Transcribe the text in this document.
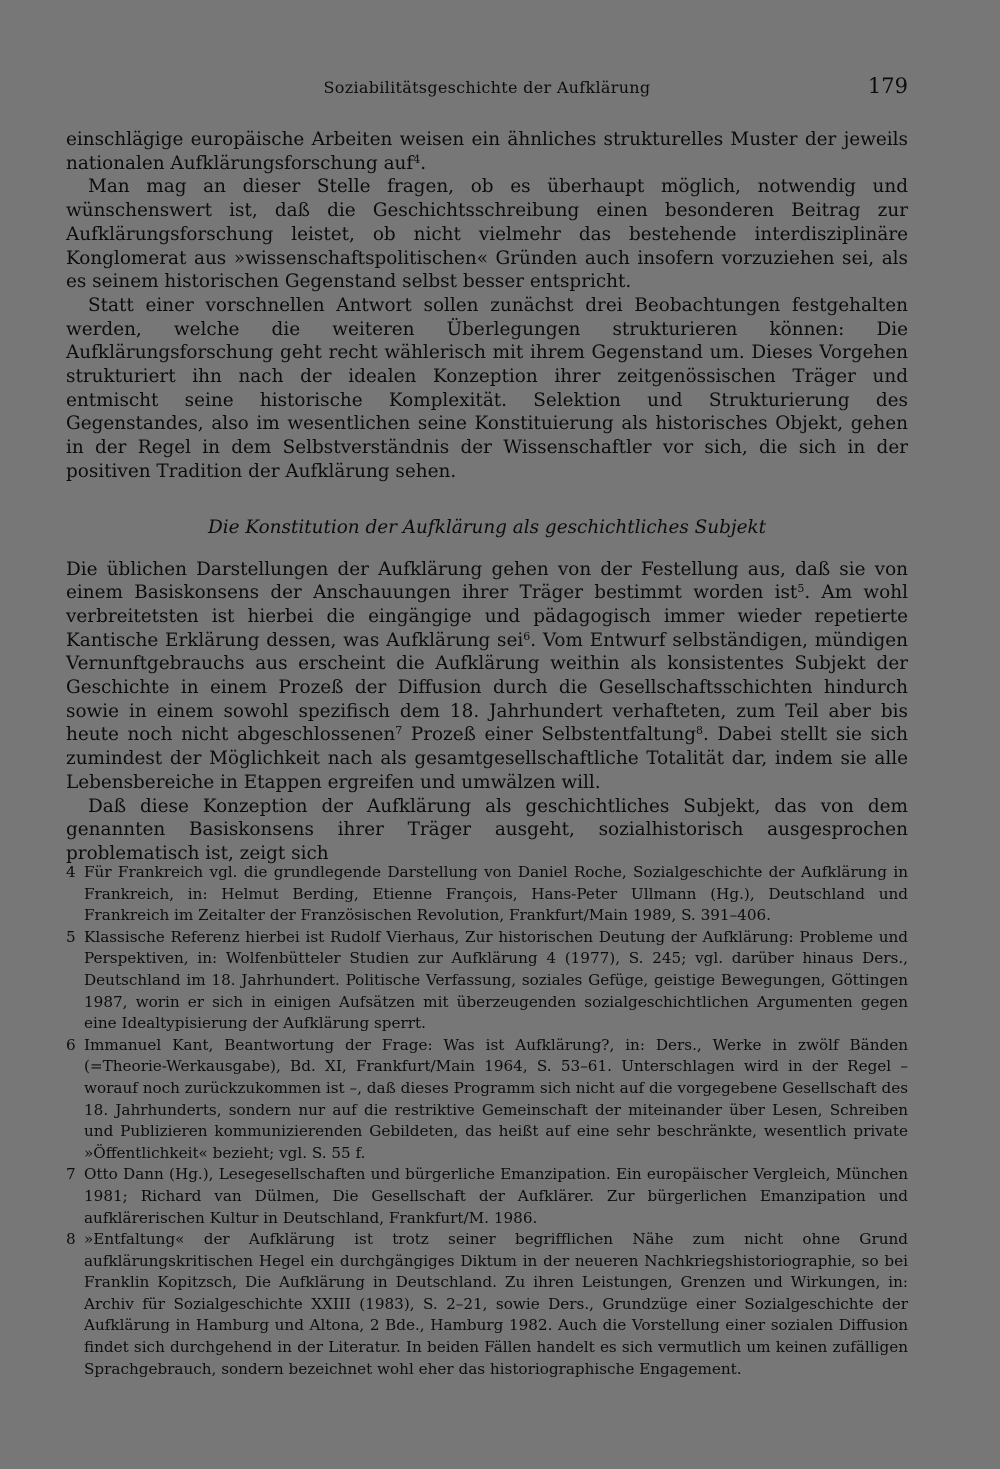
Soziabilitätsgeschichte der Aufklärung	179

einschlägige europäische Arbeiten weisen ein ähnliches strukturelles Muster der jeweils nationalen Aufklärungsforschung auf$^4$.

Man mag an dieser Stelle fragen, ob es überhaupt möglich, notwendig und wünschenswert ist, daß die Geschichtsschreibung einen besonderen Beitrag zur Aufklärungsforschung leistet, ob nicht vielmehr das bestehende interdisziplinäre Konglomerat aus »wissenschaftspolitischen« Gründen auch insofern vorzuziehen sei, als es seinem historischen Gegenstand selbst besser entspricht.

Statt einer vorschnellen Antwort sollen zunächst drei Beobachtungen festgehalten werden, welche die weiteren Überlegungen strukturieren können: Die Aufklärungsforschung geht recht wählerisch mit ihrem Gegenstand um. Dieses Vorgehen strukturiert ihn nach der idealen Konzeption ihrer zeitgenössischen Träger und entmischt seine historische Komplexität. Selektion und Strukturierung des Gegenstandes, also im wesentlichen seine Konstituierung als historisches Objekt, gehen in der Regel in dem Selbstverständnis der Wissenschaftler vor sich, die sich in der positiven Tradition der Aufklärung sehen.

Die Konstitution der Aufklärung als geschichtliches Subjekt

Die üblichen Darstellungen der Aufklärung gehen von der Festellung aus, daß sie von einem Basiskonsens der Anschauungen ihrer Träger bestimmt worden ist$^5$. Am wohl verbreitetsten ist hierbei die eingängige und pädagogisch immer wieder repetierte Kantische Erklärung dessen, was Aufklärung sei$^6$. Vom Entwurf selbständigen, mündigen Vernunftgebrauchs aus erscheint die Aufklärung weithin als konsistentes Subjekt der Geschichte in einem Prozeß der Diffusion durch die Gesellschaftsschichten hindurch sowie in einem sowohl spezifisch dem 18. Jahrhundert verhafteten, zum Teil aber bis heute noch nicht abgeschlossenen$^7$ Prozeß einer Selbstentfaltung$^8$. Dabei stellt sie sich zumindest der Möglichkeit nach als gesamtgesellschaftliche Totalität dar, indem sie alle Lebensbereiche in Etappen ergreifen und umwälzen will.

Daß diese Konzeption der Aufklärung als geschichtliches Subjekt, das von dem genannten Basiskonsens ihrer Träger ausgeht, sozialhistorisch ausgesprochen problematisch ist, zeigt sich

4 Für Frankreich vgl. die grundlegende Darstellung von Daniel Roche, Sozialgeschichte der Aufklärung in Frankreich, in: Helmut Berding, Etienne François, Hans-Peter Ullmann (Hg.), Deutschland und Frankreich im Zeitalter der Französischen Revolution, Frankfurt/Main 1989, S. 391–406.

5 Klassische Referenz hierbei ist Rudolf Vierhaus, Zur historischen Deutung der Aufklärung: Probleme und Perspektiven, in: Wolfenbütteler Studien zur Aufklärung 4 (1977), S. 245; vgl. darüber hinaus Ders., Deutschland im 18. Jahrhundert. Politische Verfassung, soziales Gefüge, geistige Bewegungen, Göttingen 1987, worin er sich in einigen Aufsätzen mit überzeugenden sozialgeschichtlichen Argumenten gegen eine Idealtypisierung der Aufklärung sperrt.

6 Immanuel Kant, Beantwortung der Frage: Was ist Aufklärung?, in: Ders., Werke in zwölf Bänden (=Theorie-Werkausgabe), Bd. XI, Frankfurt/Main 1964, S. 53–61. Unterschlagen wird in der Regel – worauf noch zurückzukommen ist –, daß dieses Programm sich nicht auf die vorgegebene Gesellschaft des 18. Jahrhunderts, sondern nur auf die restriktive Gemeinschaft der miteinander über Lesen, Schreiben und Publizieren kommunizierenden Gebildeten, das heißt auf eine sehr beschränkte, wesentlich private »Öffentlichkeit« bezieht; vgl. S. 55 f.

7 Otto Dann (Hg.), Lesegesellschaften und bürgerliche Emanzipation. Ein europäischer Vergleich, München 1981; Richard van Dülmen, Die Gesellschaft der Aufklärer. Zur bürgerlichen Emanzipation und aufklärerischen Kultur in Deutschland, Frankfurt/M. 1986.

8 »Entfaltung« der Aufklärung ist trotz seiner begrifflichen Nähe zum nicht ohne Grund aufklärungskritischen Hegel ein durchgängiges Diktum in der neueren Nachkriegshistoriographie, so bei Franklin Kopitzsch, Die Aufklärung in Deutschland. Zu ihren Leistungen, Grenzen und Wirkungen, in: Archiv für Sozialgeschichte XXIII (1983), S. 2–21, sowie Ders., Grundzüge einer Sozialgeschichte der Aufklärung in Hamburg und Altona, 2 Bde., Hamburg 1982. Auch die Vorstellung einer sozialen Diffusion findet sich durchgehend in der Literatur. In beiden Fällen handelt es sich vermutlich um keinen zufälligen Sprachgebrauch, sondern bezeichnet wohl eher das historiographische Engagement.
